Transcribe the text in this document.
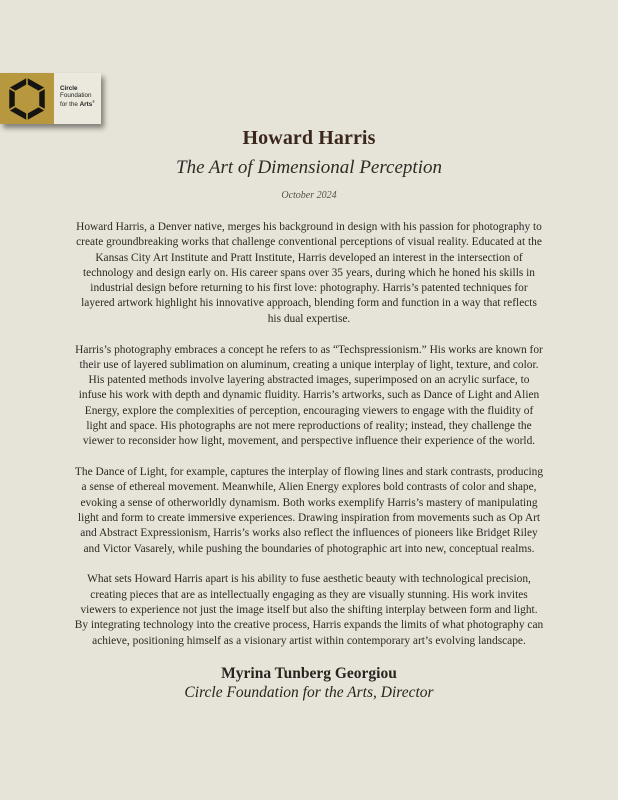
Circle
Foundation
for the Arts®
Howard Harris
The Art of Dimensional Perception
October 2024

Howard Harris, a Denver native, merges his background in design with his passion for photography to create groundbreaking works that challenge conventional perceptions of visual reality. Educated at the Kansas City Art Institute and Pratt Institute, Harris developed an interest in the intersection of technology and design early on. His career spans over 35 years, during which he honed his skills in industrial design before returning to his first love: photography. Harris’s patented techniques for layered artwork highlight his innovative approach, blending form and function in a way that reflects his dual expertise.

Harris’s photography embraces a concept he refers to as “Techspressionism.” His works are known for their use of layered sublimation on aluminum, creating a unique interplay of light, texture, and color. His patented methods involve layering abstracted images, superimposed on an acrylic surface, to infuse his work with depth and dynamic fluidity. Harris’s artworks, such as Dance of Light and Alien Energy, explore the complexities of perception, encouraging viewers to engage with the fluidity of light and space. His photographs are not mere reproductions of reality; instead, they challenge the viewer to reconsider how light, movement, and perspective influence their experience of the world.

The Dance of Light, for example, captures the interplay of flowing lines and stark contrasts, producing a sense of ethereal movement. Meanwhile, Alien Energy explores bold contrasts of color and shape, evoking a sense of otherworldly dynamism. Both works exemplify Harris’s mastery of manipulating light and form to create immersive experiences. Drawing inspiration from movements such as Op Art and Abstract Expressionism, Harris’s works also reflect the influences of pioneers like Bridget Riley and Victor Vasarely, while pushing the boundaries of photographic art into new, conceptual realms.

What sets Howard Harris apart is his ability to fuse aesthetic beauty with technological precision, creating pieces that are as intellectually engaging as they are visually stunning. His work invites viewers to experience not just the image itself but also the shifting interplay between form and light. By integrating technology into the creative process, Harris expands the limits of what photography can achieve, positioning himself as a visionary artist within contemporary art’s evolving landscape.

Myrina Tunberg Georgiou
Circle Foundation for the Arts, Director
